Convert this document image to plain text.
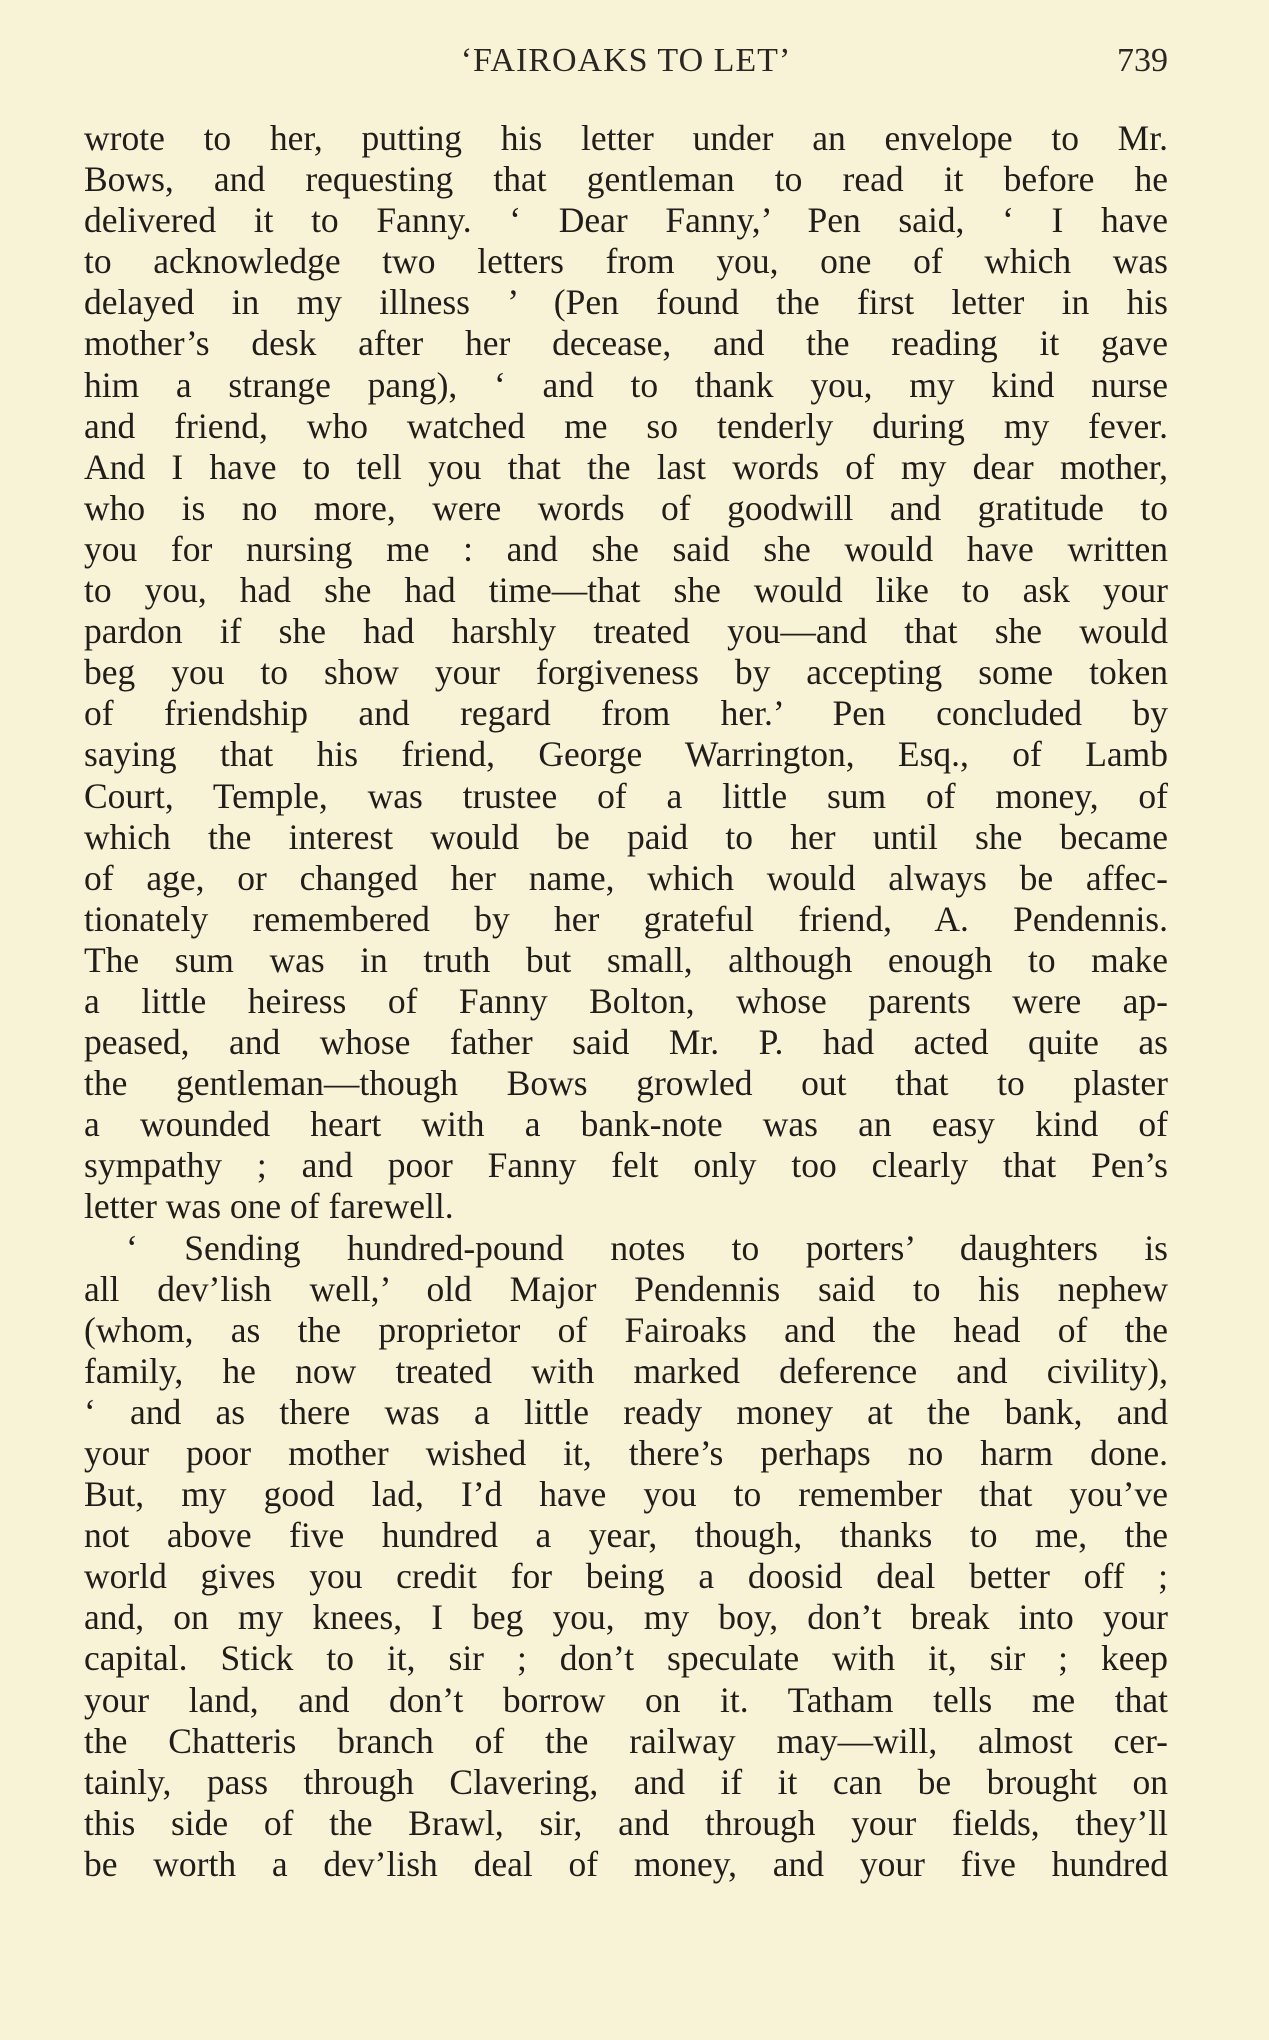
‘FAIROAKS TO LET’	739
wrote to her, putting his letter under an envelope to Mr.
Bows, and requesting that gentleman to read it before he
delivered it to Fanny. ‘ Dear Fanny,’ Pen said, ‘ I have
to acknowledge two letters from you, one of which was
delayed in my illness ’ (Pen found the first letter in his
mother’s desk after her decease, and the reading it gave
him a strange pang), ‘ and to thank you, my kind nurse
and friend, who watched me so tenderly during my fever.
And I have to tell you that the last words of my dear mother,
who is no more, were words of goodwill and gratitude to
you for nursing me : and she said she would have written
to you, had she had time—that she would like to ask your
pardon if she had harshly treated you—and that she would
beg you to show your forgiveness by accepting some token
of friendship and regard from her.’ Pen concluded by
saying that his friend, George Warrington, Esq., of Lamb
Court, Temple, was trustee of a little sum of money, of
which the interest would be paid to her until she became
of age, or changed her name, which would always be affec-
tionately remembered by her grateful friend, A. Pendennis.
The sum was in truth but small, although enough to make
a little heiress of Fanny Bolton, whose parents were ap-
peased, and whose father said Mr. P. had acted quite as
the gentleman—though Bows growled out that to plaster
a wounded heart with a bank-note was an easy kind of
sympathy ; and poor Fanny felt only too clearly that Pen’s
letter was one of farewell.
‘ Sending hundred-pound notes to porters’ daughters is
all dev’lish well,’ old Major Pendennis said to his nephew
(whom, as the proprietor of Fairoaks and the head of the
family, he now treated with marked deference and civility),
‘ and as there was a little ready money at the bank, and
your poor mother wished it, there’s perhaps no harm done.
But, my good lad, I’d have you to remember that you’ve
not above five hundred a year, though, thanks to me, the
world gives you credit for being a doosid deal better off ;
and, on my knees, I beg you, my boy, don’t break into your
capital. Stick to it, sir ; don’t speculate with it, sir ; keep
your land, and don’t borrow on it. Tatham tells me that
the Chatteris branch of the railway may—will, almost cer-
tainly, pass through Clavering, and if it can be brought on
this side of the Brawl, sir, and through your fields, they’ll
be worth a dev’lish deal of money, and your five hundred
